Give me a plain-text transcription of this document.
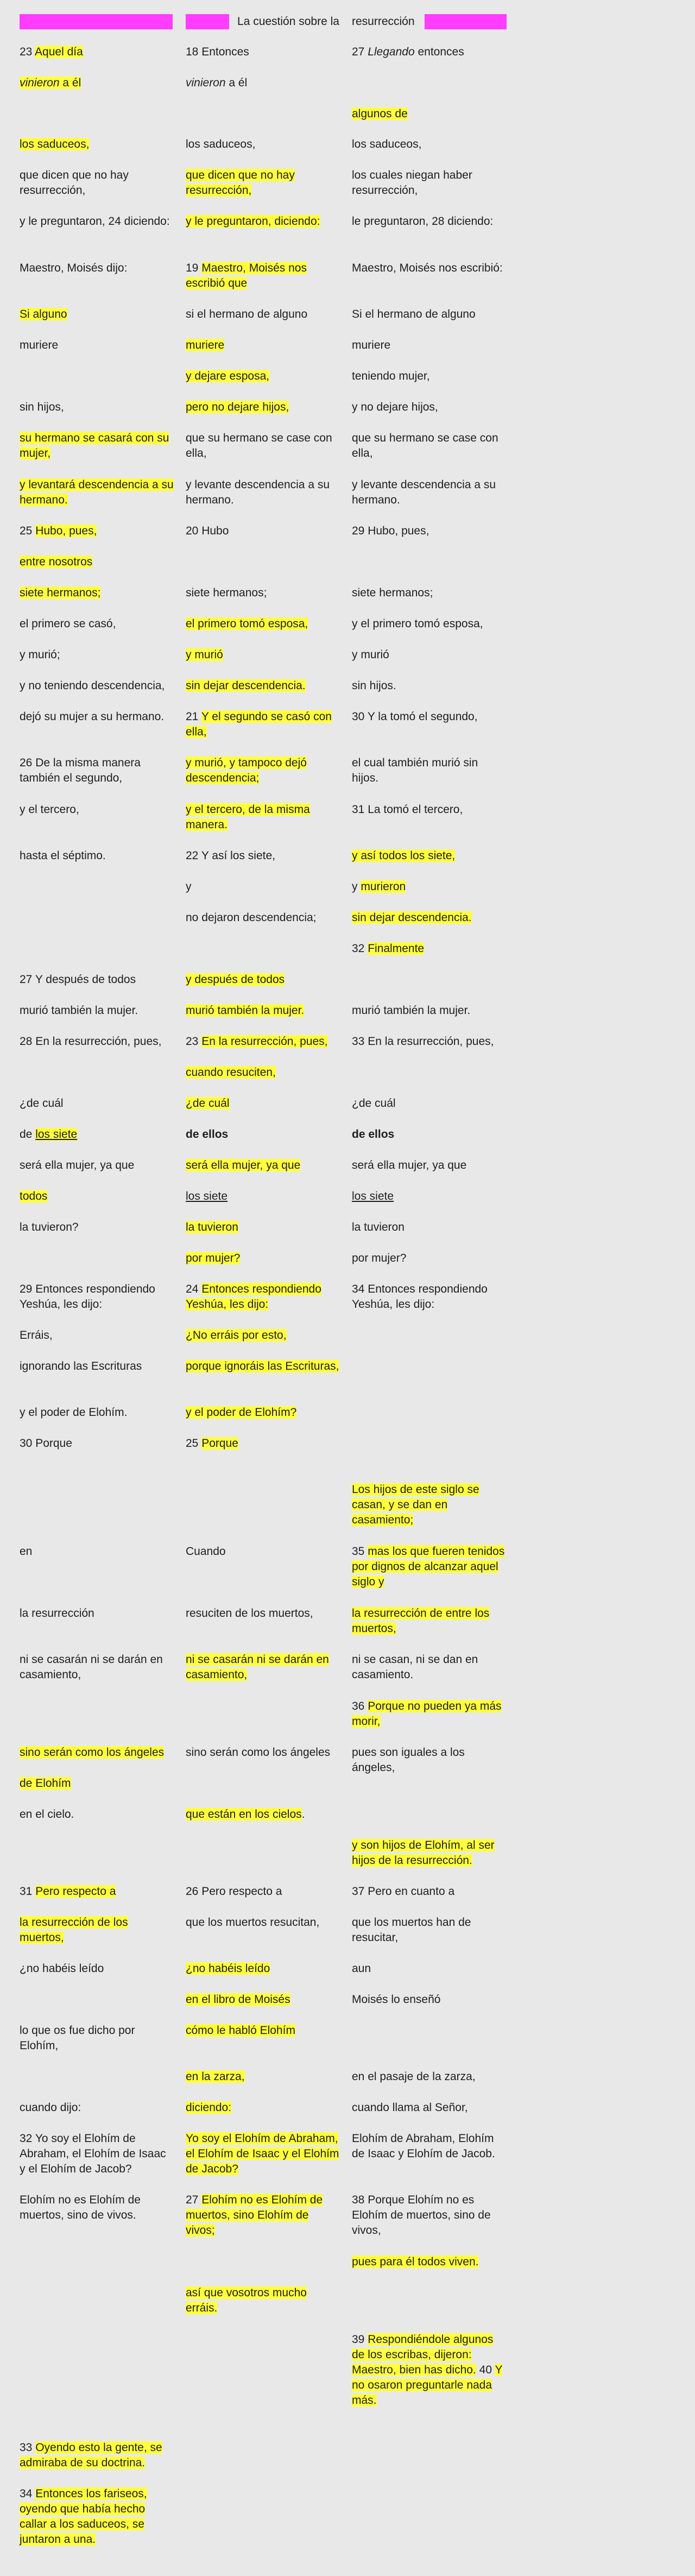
La cuestión sobre la resurrección
23 Aquel día
vinieron a él
los saduceos,
que dicen que no hay resurrección,
y le preguntaron, 24 diciendo:
Maestro, Moisés dijo:
Si alguno
muriere
sin hijos,
su hermano se casará con su mujer,
y levantará descendencia a su hermano.
25 Hubo, pues,
entre nosotros
siete hermanos;
el primero se casó,
y murió;
y no teniendo descendencia,
dejó su mujer a su hermano.
26 De la misma manera también el segundo,
y el tercero,
hasta el séptimo.
27 Y después de todos
murió también la mujer.
28 En la resurrección, pues,
¿de cuál
de los siete
será ella mujer, ya que
todos
la tuvieron?
29 Entonces respondiendo Yeshúa, les dijo:
Erráis,
ignorando las Escrituras
y el poder de Elohím.
30 Porque
en
la resurrección
ni se casarán ni se darán en casamiento,
sino serán como los ángeles
de Elohím
en el cielo.
31 Pero respecto a
la resurrección de los muertos,
¿no habéis leído
lo que os fue dicho por Elohím,
cuando dijo:
32 Yo soy el Elohím de Abraham, el Elohím de Isaac y el Elohím de Jacob?
Elohím no es Elohím de muertos, sino de vivos.
33 Oyendo esto la gente, se admiraba de su doctrina.
34 Entonces los fariseos, oyendo que había hecho callar a los saduceos, se juntaron a una.
18 Entonces
vinieron a él
los saduceos,
que dicen que no hay resurrección,
y le preguntaron, diciendo:
19 Maestro, Moisés nos escribió que
si el hermano de alguno
muriere
y dejare esposa,
pero no dejare hijos,
que su hermano se case con ella,
y levante descendencia a su hermano.
20 Hubo
siete hermanos;
el primero tomó esposa,
y murió
sin dejar descendencia.
21 Y el segundo se casó con ella,
y murió, y tampoco dejó descendencia;
y el tercero, de la misma manera.
22 Y así los siete,
y
no dejaron descendencia;
y después de todos
murió también la mujer.
23 En la resurrección, pues,
cuando resuciten,
¿de cuál
de ellos
será ella mujer, ya que
los siete
la tuvieron
por mujer?
24 Entonces respondiendo Yeshúa, les dijo:
¿No erráis por esto,
porque ignoráis las Escrituras,
y el poder de Elohím?
25 Porque
Cuando
resuciten de los muertos,
ni se casarán ni se darán en casamiento,
sino serán como los ángeles
que están en los cielos.
26 Pero respecto a
que los muertos resucitan,
¿no habéis leído
en el libro de Moisés
cómo le habló Elohím
en la zarza,
diciendo:
Yo soy el Elohím de Abraham, el Elohím de Isaac y el Elohím de Jacob?
27 Elohím no es Elohím de muertos, sino Elohím de vivos;
así que vosotros mucho erráis.
27 Llegando entonces
algunos de
los saduceos,
los cuales niegan haber resurrección,
le preguntaron, 28 diciendo:
Maestro, Moisés nos escribió:
Si el hermano de alguno
muriere
teniendo mujer,
y no dejare hijos,
que su hermano se case con ella,
y levante descendencia a su hermano.
29 Hubo, pues,
siete hermanos;
y el primero tomó esposa,
y murió
sin hijos.
30 Y la tomó el segundo,
el cual también murió sin hijos.
31 La tomó el tercero,
y así todos los siete,
y murieron
sin dejar descendencia.
32 Finalmente
murió también la mujer.
33 En la resurrección, pues,
¿de cuál
de ellos
será ella mujer, ya que
los siete
la tuvieron
por mujer?
34 Entonces respondiendo Yeshúa, les dijo:
Los hijos de este siglo se casan, y se dan en casamiento;
35 mas los que fueren tenidos por dignos de alcanzar aquel siglo y
la resurrección de entre los muertos,
ni se casan, ni se dan en casamiento.
36 Porque no pueden ya más morir,
pues son iguales a los ángeles,
y son hijos de Elohím, al ser hijos de la resurrección.
37 Pero en cuanto a
que los muertos han de resucitar,
aun
Moisés lo enseñó
en el pasaje de la zarza,
cuando llama al Señor,
Elohím de Abraham, Elohím de Isaac y Elohím de Jacob.
38 Porque Elohím no es Elohím de muertos, sino de vivos,
pues para él todos viven.
39 Respondiéndole algunos de los escribas, dijeron: Maestro, bien has dicho. 40 Y no osaron preguntarle nada más.
